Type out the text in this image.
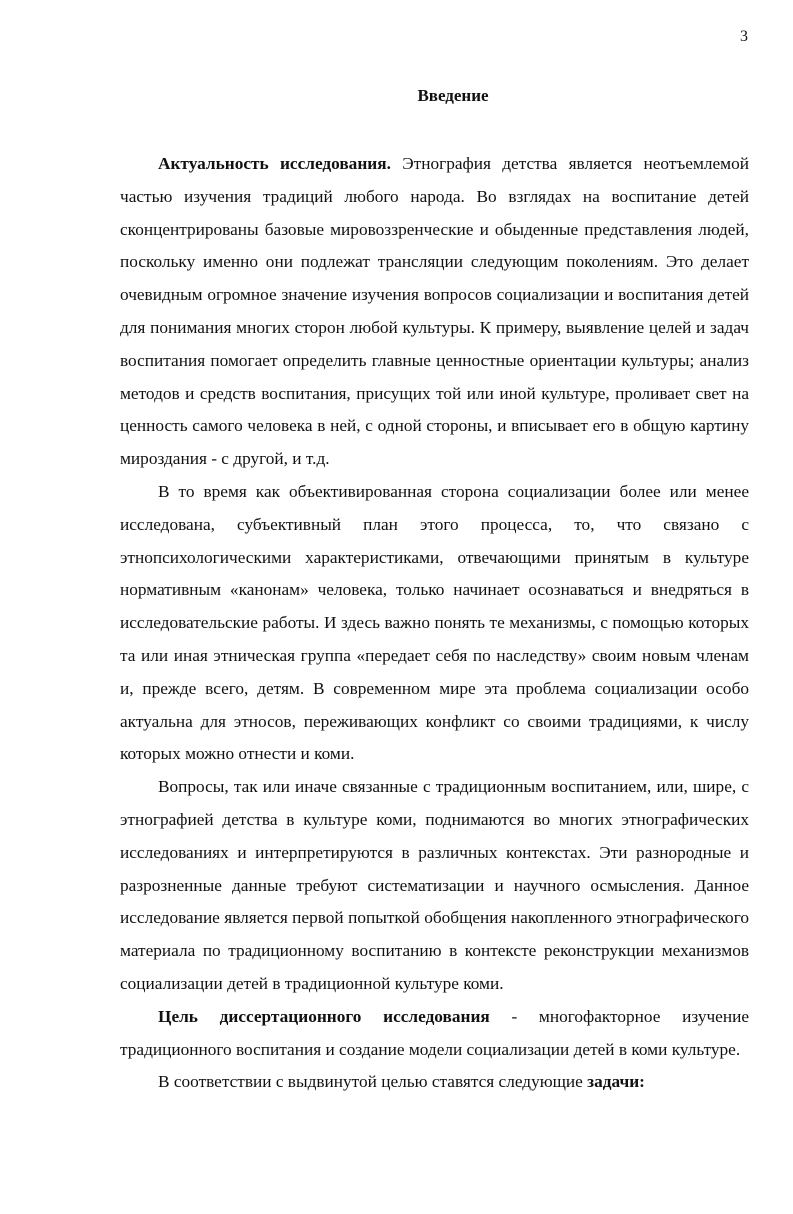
3
Введение

Актуальность исследования. Этнография детства является неотъемлемой частью изучения традиций любого народа. Во взглядах на воспитание детей сконцентрированы базовые мировоззренческие и обыденные представления людей, поскольку именно они подлежат трансляции следующим поколениям. Это делает очевидным огромное значение изучения вопросов социализации и воспитания детей для понимания многих сторон любой культуры. К примеру, выявление целей и задач воспитания помогает определить главные ценностные ориентации культуры; анализ методов и средств воспитания, присущих той или иной культуре, проливает свет на ценность самого человека в ней, с одной стороны, и вписывает его в общую картину мироздания - с другой, и т.д.

В то время как объективированная сторона социализации более или менее исследована, субъективный план этого процесса, то, что связано с этнопсихологическими характеристиками, отвечающими принятым в культуре нормативным «канонам» человека, только начинает осознаваться и внедряться в исследовательские работы. И здесь важно понять те механизмы, с помощью которых та или иная этническая группа «передает себя по наследству» своим новым членам и, прежде всего, детям. В современном мире эта проблема социализации особо актуальна для этносов, переживающих конфликт со своими традициями, к числу которых можно отнести и коми.

Вопросы, так или иначе связанные с традиционным воспитанием, или, шире, с этнографией детства в культуре коми, поднимаются во многих этнографических исследованиях и интерпретируются в различных контекстах. Эти разнородные и разрозненные данные требуют систематизации и научного осмысления. Данное исследование является первой попыткой обобщения накопленного этнографического материала по традиционному воспитанию в контексте реконструкции механизмов социализации детей в традиционной культуре коми.

Цель диссертационного исследования - многофакторное изучение традиционного воспитания и создание модели социализации детей в коми культуре.

В соответствии с выдвинутой целью ставятся следующие задачи:
